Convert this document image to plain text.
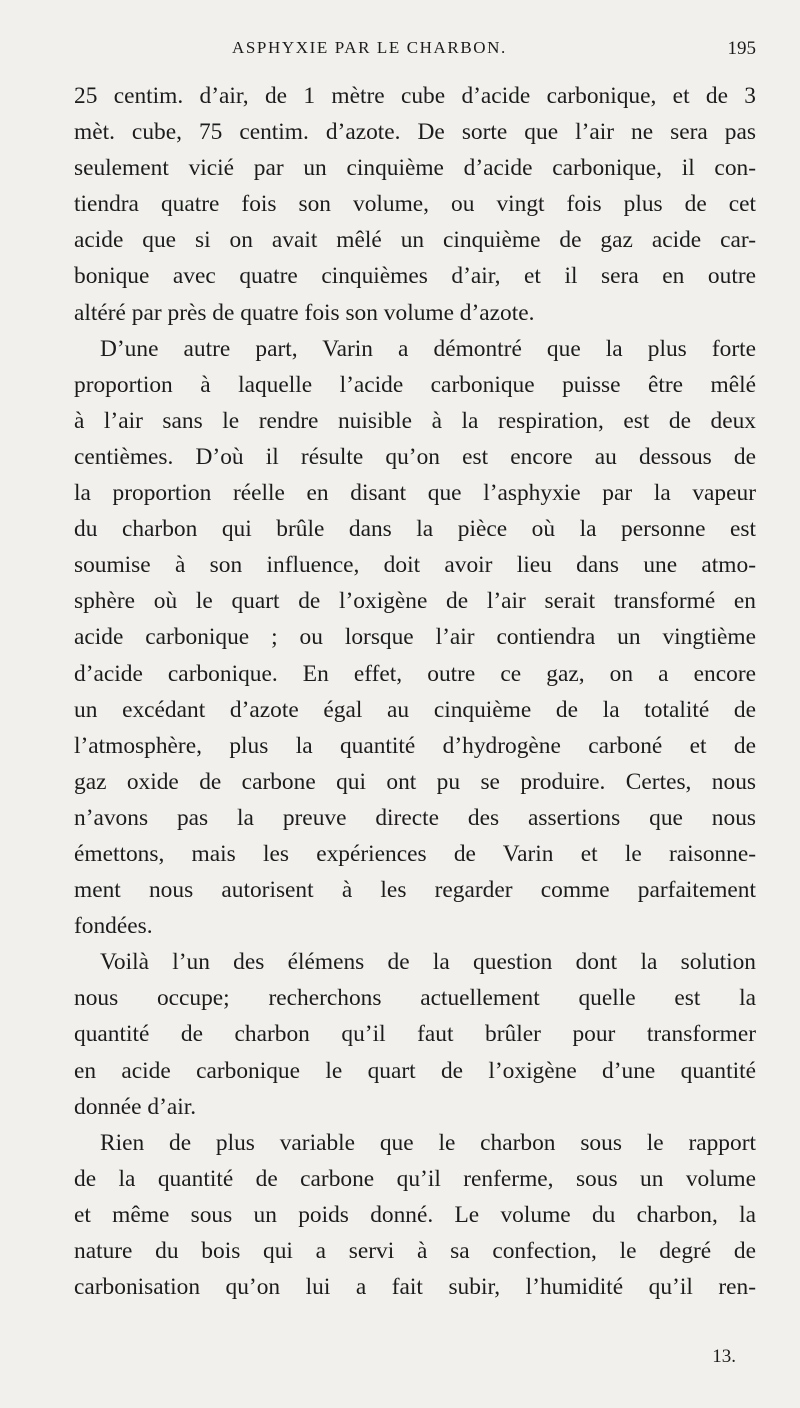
ASPHYXIE PAR LE CHARBON.	195
25 centim. d’air, de 1 mètre cube d’acide carbonique, et de 3
mèt. cube, 75 centim. d’azote. De sorte que l’air ne sera pas
seulement vicié par un cinquième d’acide carbonique, il con-
tiendra quatre fois son volume, ou vingt fois plus de cet
acide que si on avait mêlé un cinquième de gaz acide car-
bonique avec quatre cinquièmes d’air, et il sera en outre
altéré par près de quatre fois son volume d’azote.
D’une autre part, Varin a démontré que la plus forte
proportion à laquelle l’acide carbonique puisse être mêlé
à l’air sans le rendre nuisible à la respiration, est de deux
centièmes. D’où il résulte qu’on est encore au dessous de
la proportion réelle en disant que l’asphyxie par la vapeur
du charbon qui brûle dans la pièce où la personne est
soumise à son influence, doit avoir lieu dans une atmo-
sphère où le quart de l’oxigène de l’air serait transformé en
acide carbonique ; ou lorsque l’air contiendra un vingtième
d’acide carbonique. En effet, outre ce gaz, on a encore
un excédant d’azote égal au cinquième de la totalité de
l’atmosphère, plus la quantité d’hydrogène carboné et de
gaz oxide de carbone qui ont pu se produire. Certes, nous
n’avons pas la preuve directe des assertions que nous
émettons, mais les expériences de Varin et le raisonne-
ment nous autorisent à les regarder comme parfaitement
fondées.
Voilà l’un des élémens de la question dont la solution
nous occupe; recherchons actuellement quelle est la
quantité de charbon qu’il faut brûler pour transformer
en acide carbonique le quart de l’oxigène d’une quantité
donnée d’air.
Rien de plus variable que le charbon sous le rapport
de la quantité de carbone qu’il renferme, sous un volume
et même sous un poids donné. Le volume du charbon, la
nature du bois qui a servi à sa confection, le degré de
carbonisation qu’on lui a fait subir, l’humidité qu’il ren-
13.
